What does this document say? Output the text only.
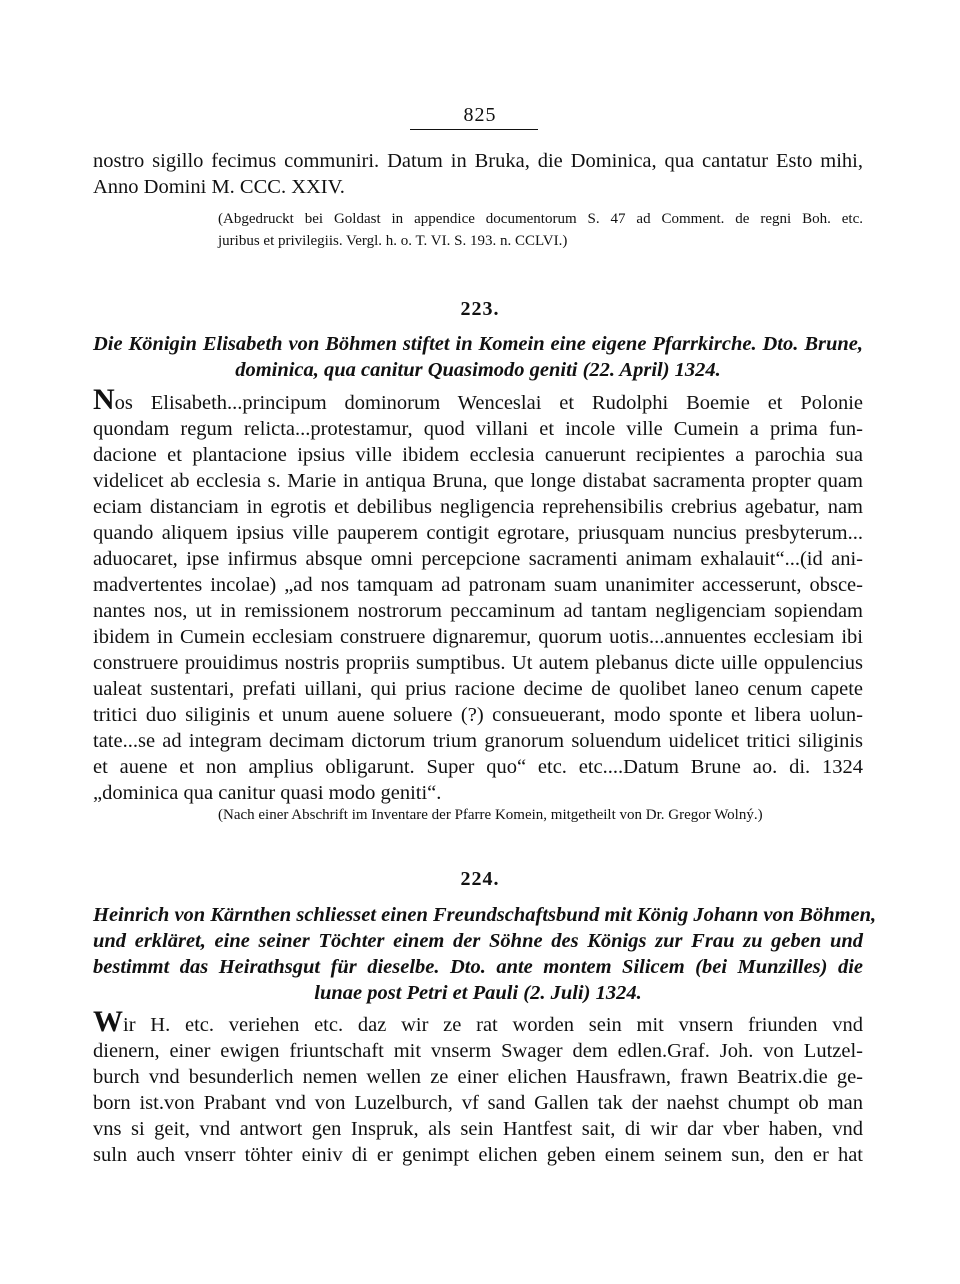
825
nostro sigillo fecimus communiri. Datum in Bruka, die Dominica, qua cantatur Esto mihi,
Anno Domini M. CCC. XXIV.
(Abgedruckt bei Goldast in appendice documentorum S. 47 ad Comment. de regni Boh. etc.
juribus et privilegiis. Vergl. h. o. T. VI. S. 193. n. CCLVI.)
223.
Die Königin Elisabeth von Böhmen stiftet in Komein eine eigene Pfarrkirche. Dto. Brune,
dominica, qua canitur Quasimodo geniti (22. April) 1324.
Nos Elisabeth...principum dominorum Wenceslai et Rudolphi Boemie et Polonie
quondam regum relicta...protestamur, quod villani et incole ville Cumein a prima fun-
dacione et plantacione ipsius ville ibidem ecclesia canuerunt recipientes a parochia sua
videlicet ab ecclesia s. Marie in antiqua Bruna, que longe distabat sacramenta propter quam
eciam distanciam in egrotis et debilibus negligencia reprehensibilis crebrius agebatur, nam
quando aliquem ipsius ville pauperem contigit egrotare, priusquam nuncius presbyterum...
aduocaret, ipse infirmus absque omni percepcione sacramenti animam exhalauit“...(id ani-
madvertentes incolae) „ad nos tamquam ad patronam suam unanimiter accesserunt, obsce-
nantes nos, ut in remissionem nostrorum peccaminum ad tantam negligenciam sopiendam
ibidem in Cumein ecclesiam construere dignaremur, quorum uotis...annuentes ecclesiam ibi
construere prouidimus nostris propriis sumptibus. Ut autem plebanus dicte uille oppulencius
ualeat sustentari, prefati uillani, qui prius racione decime de quolibet laneo cenum capete
tritici duo siliginis et unum auene soluere (?) consueuerant, modo sponte et libera uolun-
tate...se ad integram decimam dictorum trium granorum soluendum uidelicet tritici siliginis
et auene et non amplius obligarunt. Super quo“ etc. etc....Datum Brune ao. di. 1324
„dominica qua canitur quasi modo geniti“.
(Nach einer Abschrift im Inventare der Pfarre Komein, mitgetheilt von Dr. Gregor Wolný.)
224.
Heinrich von Kärnthen schliesset einen Freundschaftsbund mit König Johann von Böhmen,
und erkläret, eine seiner Töchter einem der Söhne des Königs zur Frau zu geben und
bestimmt das Heirathsgut für dieselbe. Dto. ante montem Silicem (bei Munzilles) die
lunae post Petri et Pauli (2. Juli) 1324.
Wir H. etc. veriehen etc. daz wir ze rat worden sein mit vnsern friunden vnd
dienern, einer ewigen friuntschaft mit vnserm Swager dem edlen.Graf. Joh. von Lutzel-
burch vnd besunderlich nemen wellen ze einer elichen Hausfrawn, frawn Beatrix.die ge-
born ist.von Prabant vnd von Luzelburch, vf sand Gallen tak der naehst chumpt ob man
vns si geit, vnd antwort gen Inspruk, als sein Hantfest sait, di wir dar vber haben, vnd
suln auch vnserr töhter einiv di er genimpt elichen geben einem seinem sun, den er hat
